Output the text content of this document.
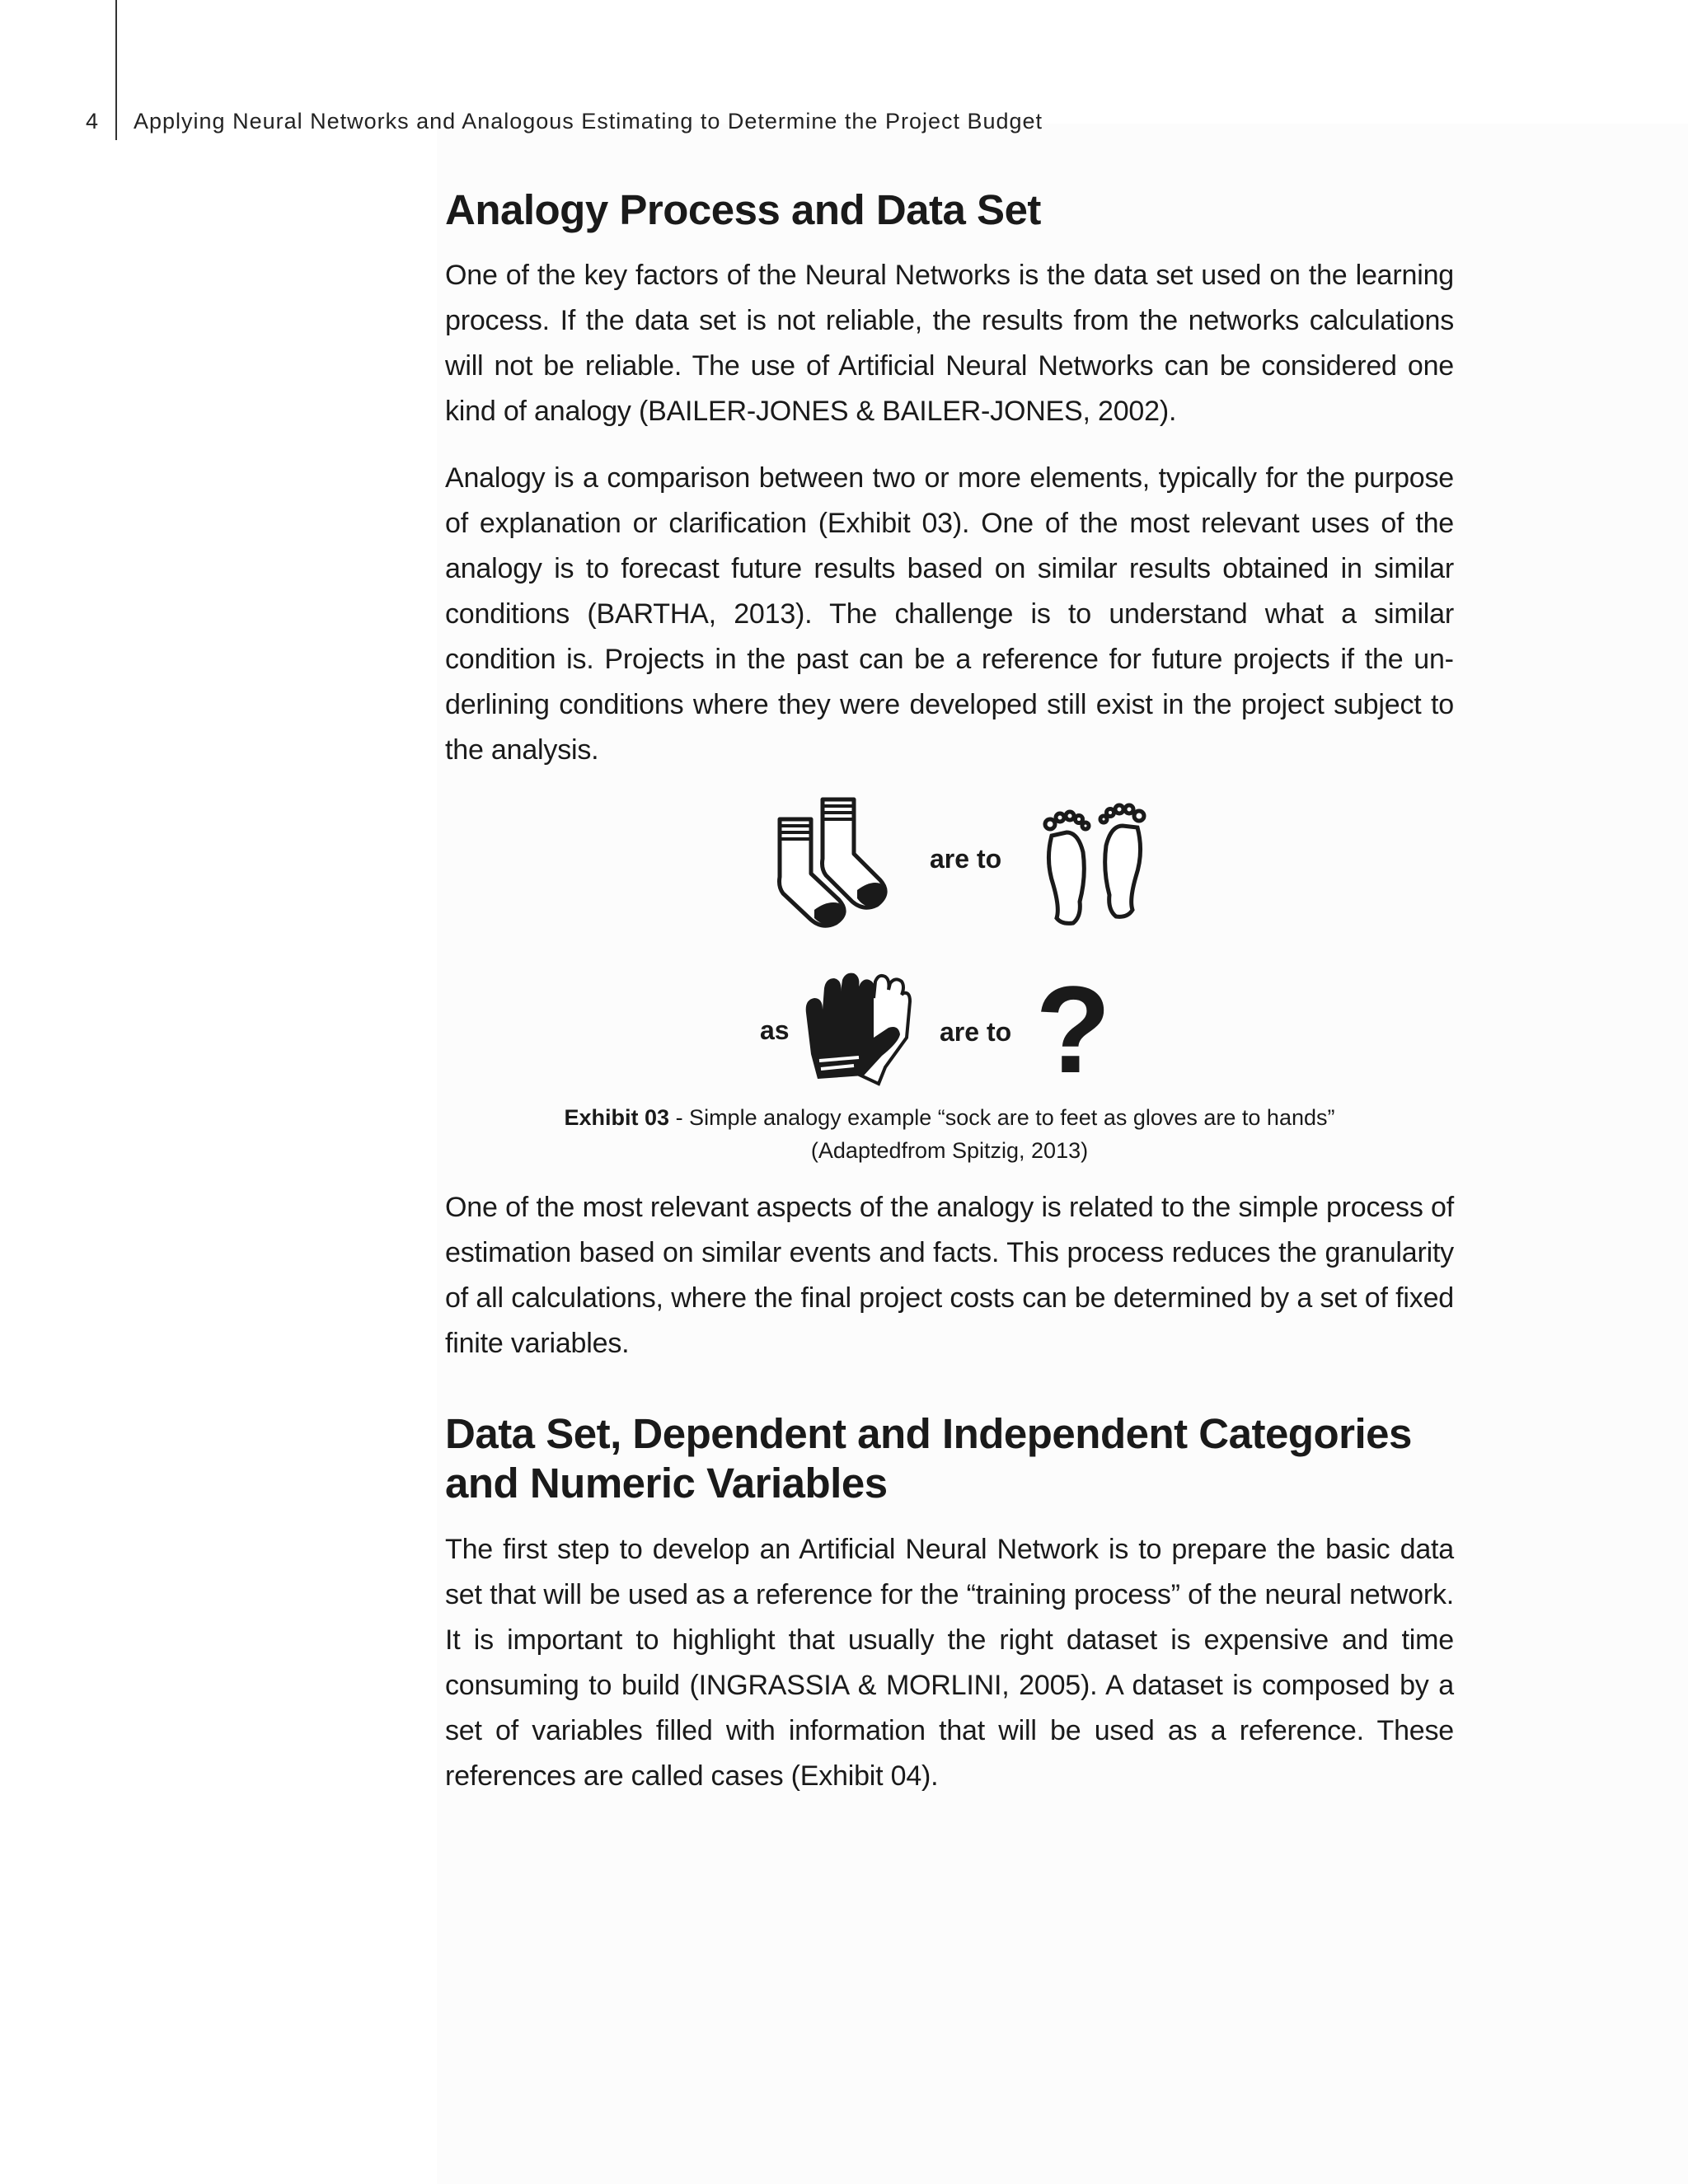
4 Applying Neural Networks and Analogous Estimating to Determine the Project Budget
Analogy Process and Data Set

One of the key factors of the Neural Networks is the data set used on the learning process. If the data set is not reliable, the results from the networks calculations will not be reliable. The use of Artificial Neural Networks can be considered one kind of analogy (BAILER-JONES & BAILER-JONES, 2002).

Analogy is a comparison between two or more elements, typically for the purpose of explanation or clarification (Exhibit 03). One of the most relevant uses of the analogy is to forecast future results based on similar results obtained in similar conditions (BARTHA, 2013). The challenge is to understand what a similar condition is. Projects in the past can be a reference for future projects if the underlining conditions where they were developed still exist in the project subject to the analysis.

are to
as	are to ?
Exhibit 03 - Simple analogy example “sock are to feet as gloves are to hands”
(Adaptedfrom Spitzig, 2013)

One of the most relevant aspects of the analogy is related to the simple process of estimation based on similar events and facts. This process reduces the granularity of all calculations, where the final project costs can be determined by a set of fixed finite variables.

Data Set, Dependent and Independent Categories
and Numeric Variables

The first step to develop an Artificial Neural Network is to prepare the basic data set that will be used as a reference for the “training process” of the neural network. It is important to highlight that usually the right dataset is expensive and time consuming to build (INGRASSIA & MORLINI, 2005). A dataset is composed by a set of variables filled with information that will be used as a reference. These references are called cases (Exhibit 04).
